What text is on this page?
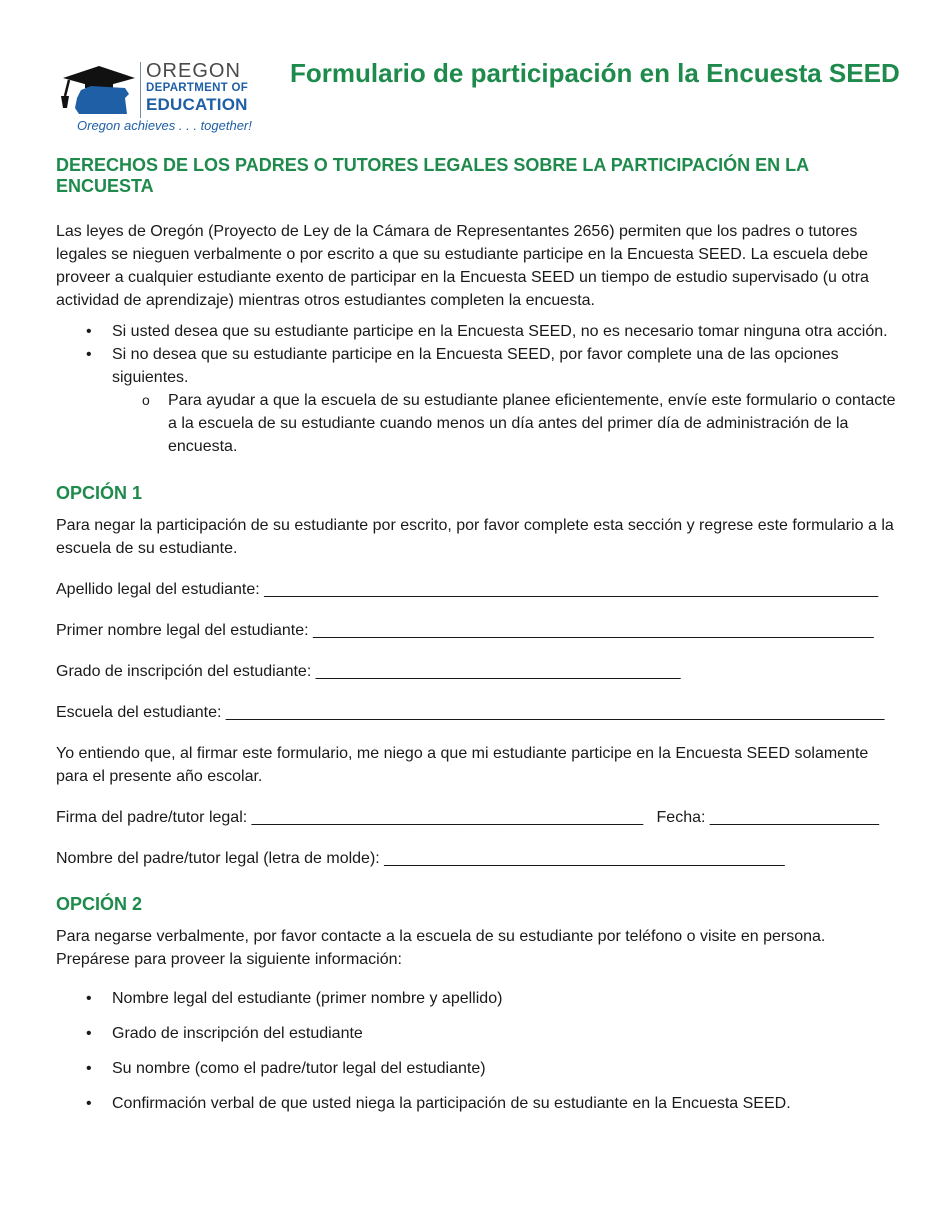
OREGON
DEPARTMENT OF
EDUCATION
Oregon achieves . . . together!
Formulario de participación en la Encuesta SEED
DERECHOS DE LOS PADRES O TUTORES LEGALES SOBRE LA PARTICIPACIÓN EN LA ENCUESTA

Las leyes de Oregón (Proyecto de Ley de la Cámara de Representantes 2656) permiten que los padres o tutores legales se nieguen verbalmente o por escrito a que su estudiante participe en la Encuesta SEED. La escuela debe proveer a cualquier estudiante exento de participar en la Encuesta SEED un tiempo de estudio supervisado (u otra actividad de aprendizaje) mientras otros estudiantes completen la encuesta.

• Si usted desea que su estudiante participe en la Encuesta SEED, no es necesario tomar ninguna otra acción.
• Si no desea que su estudiante participe en la Encuesta SEED, por favor complete una de las opciones siguientes.
o Para ayudar a que la escuela de su estudiante planee eficientemente, envíe este formulario o contacte a la escuela de su estudiante cuando menos un día antes del primer día de administración de la encuesta.
OPCIÓN 1

Para negar la participación de su estudiante por escrito, por favor complete esta sección y regrese este formulario a la escuela de su estudiante.

Apellido legal del estudiante: _____________________________________________________________________
Primer nombre legal del estudiante: _______________________________________________________________
Grado de inscripción del estudiante: _________________________________________
Escuela del estudiante: __________________________________________________________________________

Yo entiendo que, al firmar este formulario, me niego a que mi estudiante participe en la Encuesta SEED solamente para el presente año escolar.

Firma del padre/tutor legal: ____________________________________________ Fecha: ___________________
Nombre del padre/tutor legal (letra de molde): _____________________________________________
OPCIÓN 2

Para negarse verbalmente, por favor contacte a la escuela de su estudiante por teléfono o visite en persona. Prepárese para proveer la siguiente información:

• Nombre legal del estudiante (primer nombre y apellido)
• Grado de inscripción del estudiante
• Su nombre (como el padre/tutor legal del estudiante)
• Confirmación verbal de que usted niega la participación de su estudiante en la Encuesta SEED.
